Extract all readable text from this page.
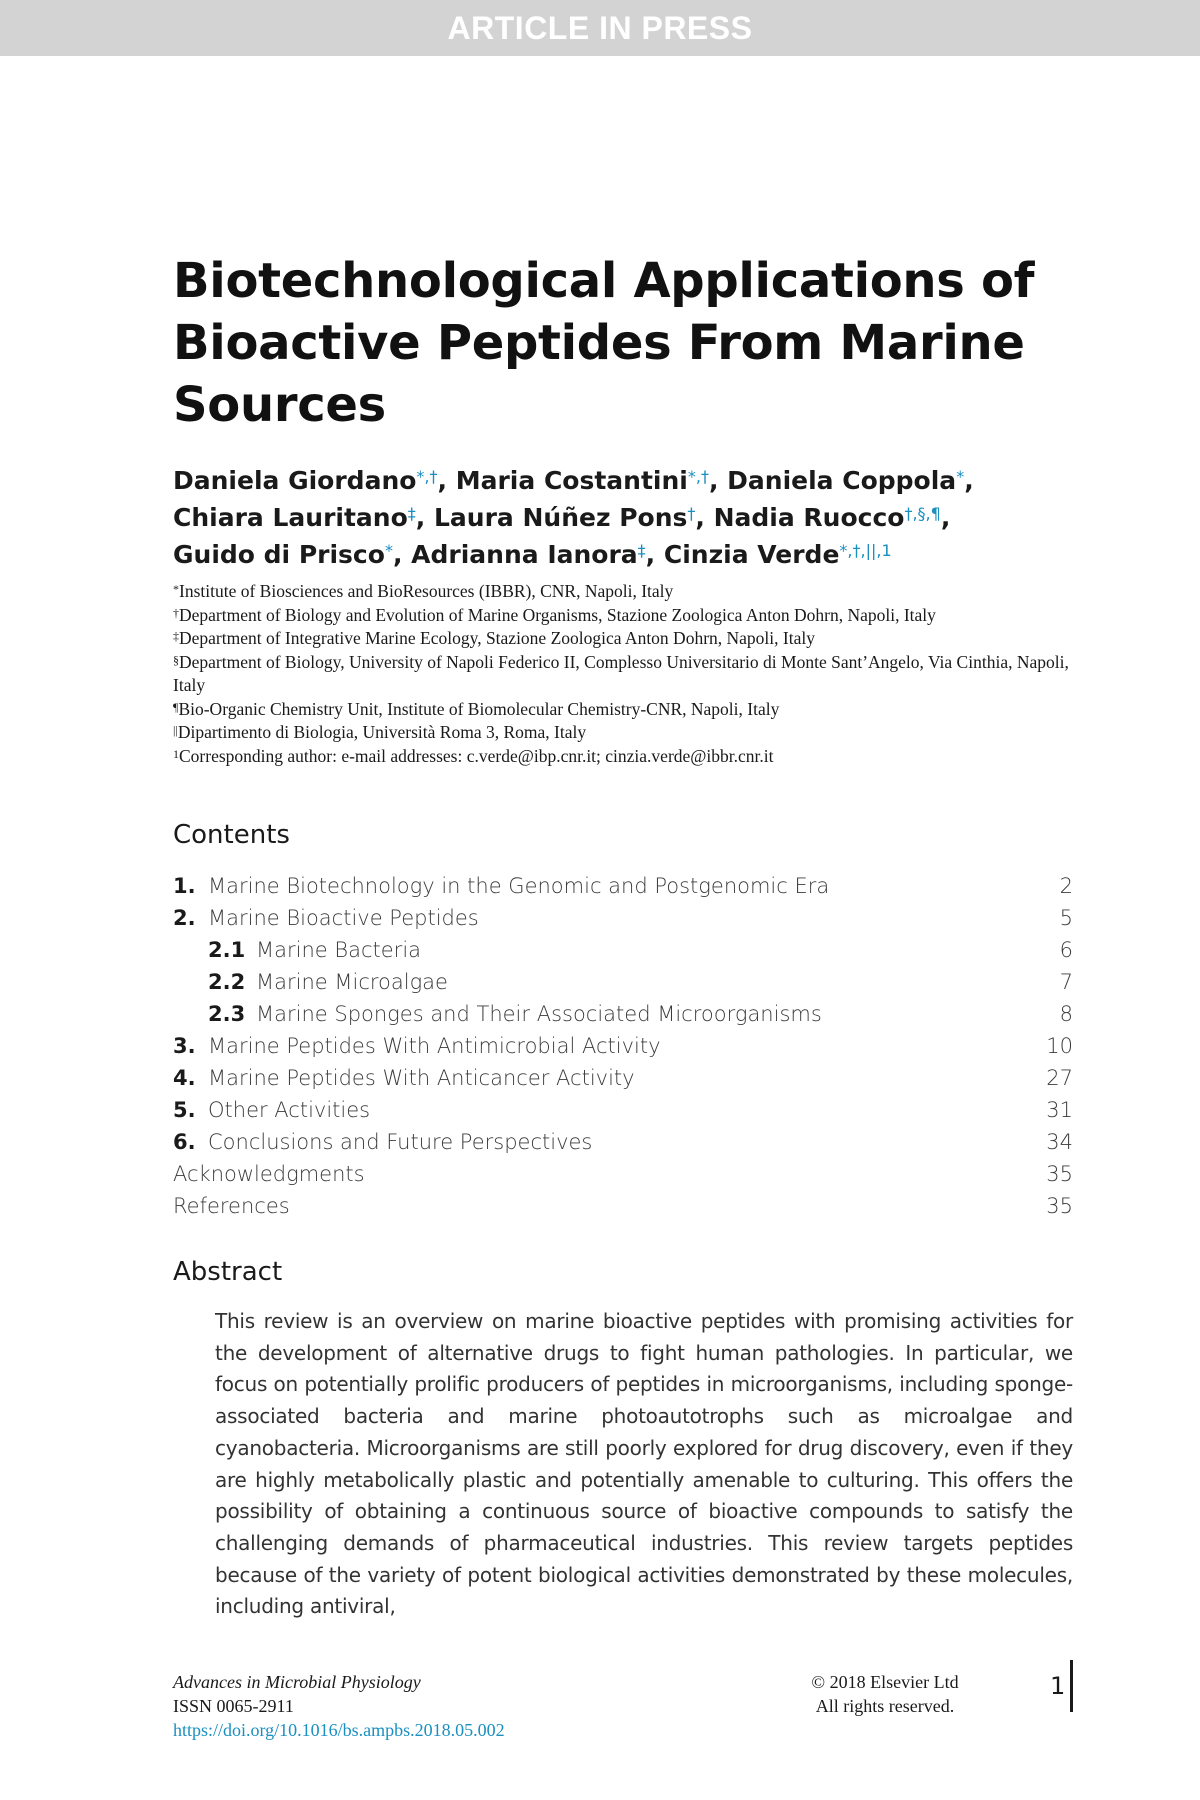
ARTICLE IN PRESS
Biotechnological Applications of Bioactive Peptides From Marine Sources
Daniela Giordano*,†, Maria Costantini*,†, Daniela Coppola*,
Chiara Lauritano‡, Laura Núñez Pons†, Nadia Ruocco†,§,¶,
Guido di Prisco*, Adrianna Ianora‡, Cinzia Verde$^{*,\dagger,||,1}$
*Institute of Biosciences and BioResources (IBBR), CNR, Napoli, Italy
†Department of Biology and Evolution of Marine Organisms, Stazione Zoologica Anton Dohrn, Napoli, Italy
‡Department of Integrative Marine Ecology, Stazione Zoologica Anton Dohrn, Napoli, Italy
§Department of Biology, University of Napoli Federico II, Complesso Universitario di Monte Sant’Angelo, Via Cinthia, Napoli, Italy
¶Bio-Organic Chemistry Unit, Institute of Biomolecular Chemistry-CNR, Napoli, Italy
||Dipartimento di Biologia, Università Roma 3, Roma, Italy
$^1$Corresponding author: e-mail addresses: c.verde@ibp.cnr.it; cinzia.verde@ibbr.cnr.it
Contents
1. Marine Biotechnology in the Genomic and Postgenomic Era	2
2. Marine Bioactive Peptides	5
2.1 Marine Bacteria	6
2.2 Marine Microalgae	7
2.3 Marine Sponges and Their Associated Microorganisms	8
3. Marine Peptides With Antimicrobial Activity	10
4. Marine Peptides With Anticancer Activity	27
5. Other Activities	31
6. Conclusions and Future Perspectives	34
Acknowledgments	35
References	35
Abstract

This review is an overview on marine bioactive peptides with promising activities for the development of alternative drugs to fight human pathologies. In particular, we focus on potentially prolific producers of peptides in microorganisms, including sponge-associated bacteria and marine photoautotrophs such as microalgae and cyanobacteria. Microorganisms are still poorly explored for drug discovery, even if they are highly metabolically plastic and potentially amenable to culturing. This offers the possibility of obtaining a continuous source of bioactive compounds to satisfy the challenging demands of pharmaceutical industries. This review targets peptides because of the variety of potent biological activities demonstrated by these molecules, including antiviral,

Advances in Microbial Physiology
ISSN 0065-2911
https://doi.org/10.1016/bs.ampbs.2018.05.002
© 2018 Elsevier Ltd
All rights reserved.
1
